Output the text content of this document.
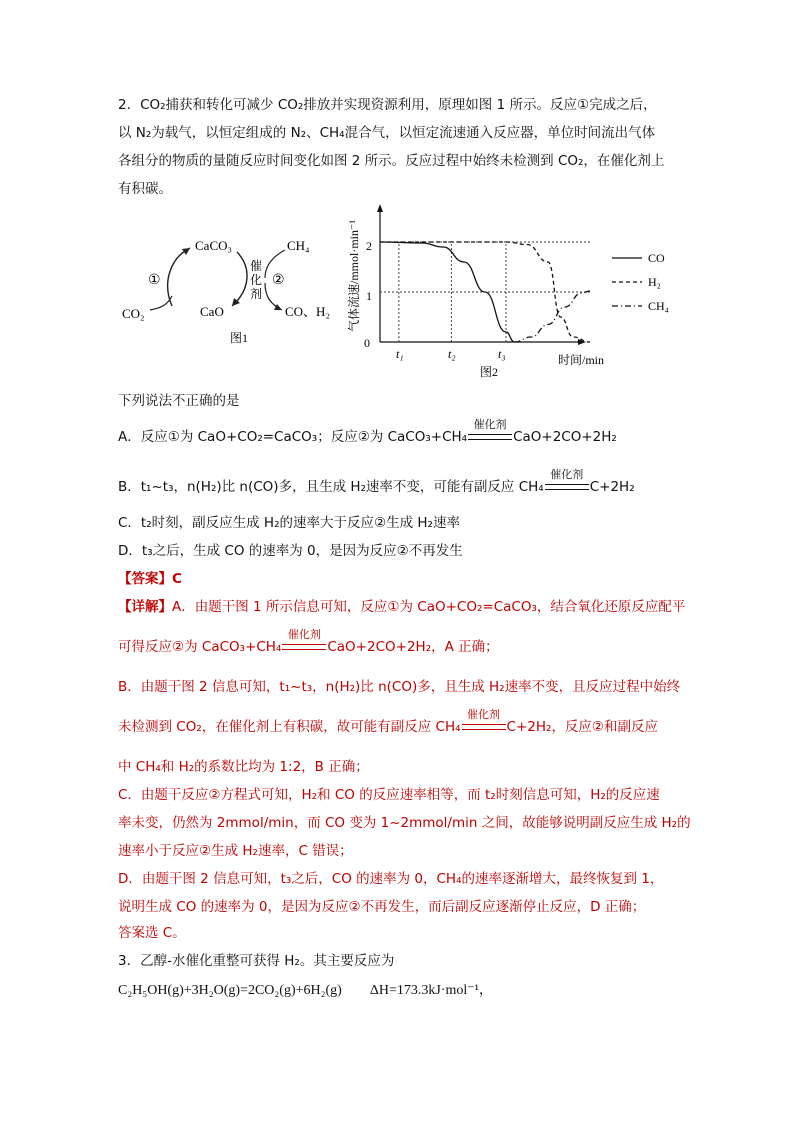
2．CO₂捕获和转化可减少 CO₂排放并实现资源利用，原理如图 1 所示。反应①完成之后，
以 N₂为载气，以恒定组成的 N₂、CH₄混合气，以恒定流速通入反应器，单位时间流出气体
各组分的物质的量随反应时间变化如图 2 所示。反应过程中始终未检测到 CO₂，在催化剂上
有积碳。
CaCO₃	CH₄
CO₂	CaO	CO、H₂
①	②
催
化
剂
图1
气体流速/mmol·min⁻¹
0
1
2
t₁	t₂	t₃	时间/min
图2
CO
H₂
CH₄
下列说法不正确的是
A．反应①为 CaO+CO₂=CaCO₃；反应②为 CaCO₃+CH₄
催化剂
CaO+2CO+2H₂
B．t₁~t₃，n(H₂)比 n(CO)多，且生成 H₂速率不变，可能有副反应 CH₄
催化剂
C+2H₂
C．t₂时刻，副反应生成 H₂的速率大于反应②生成 H₂速率
D．t₃之后，生成 CO 的速率为 0，是因为反应②不再发生
【答案】C
【详解】A．由题干图 1 所示信息可知，反应①为 CaO+CO₂=CaCO₃，结合氧化还原反应配平
可得反应②为 CaCO₃+CH₄
催化剂
CaO+2CO+2H₂，A 正确；
B．由题干图 2 信息可知，t₁~t₃，n(H₂)比 n(CO)多，且生成 H₂速率不变，且反应过程中始终
未检测到 CO₂，在催化剂上有积碳，故可能有副反应 CH₄
催化剂
C+2H₂，反应②和副反应
中 CH₄和 H₂的系数比均为 1:2，B 正确；
C．由题干反应②方程式可知，H₂和 CO 的反应速率相等，而 t₂时刻信息可知，H₂的反应速
率未变，仍然为 2mmol/min，而 CO 变为 1~2mmol/min 之间，故能够说明副反应生成 H₂的
速率小于反应②生成 H₂速率，C 错误；
D．由题干图 2 信息可知，t₃之后，CO 的速率为 0，CH₄的速率逐渐增大，最终恢复到 1，
说明生成 CO 的速率为 0，是因为反应②不再发生，而后副反应逐渐停止反应，D 正确；
答案选 C。
3．乙醇-水催化重整可获得 H₂。其主要反应为
C₂H₅OH(g)+3H₂O(g)=2CO₂(g)+6H₂(g) ΔH=173.3kJ·mol⁻¹，
